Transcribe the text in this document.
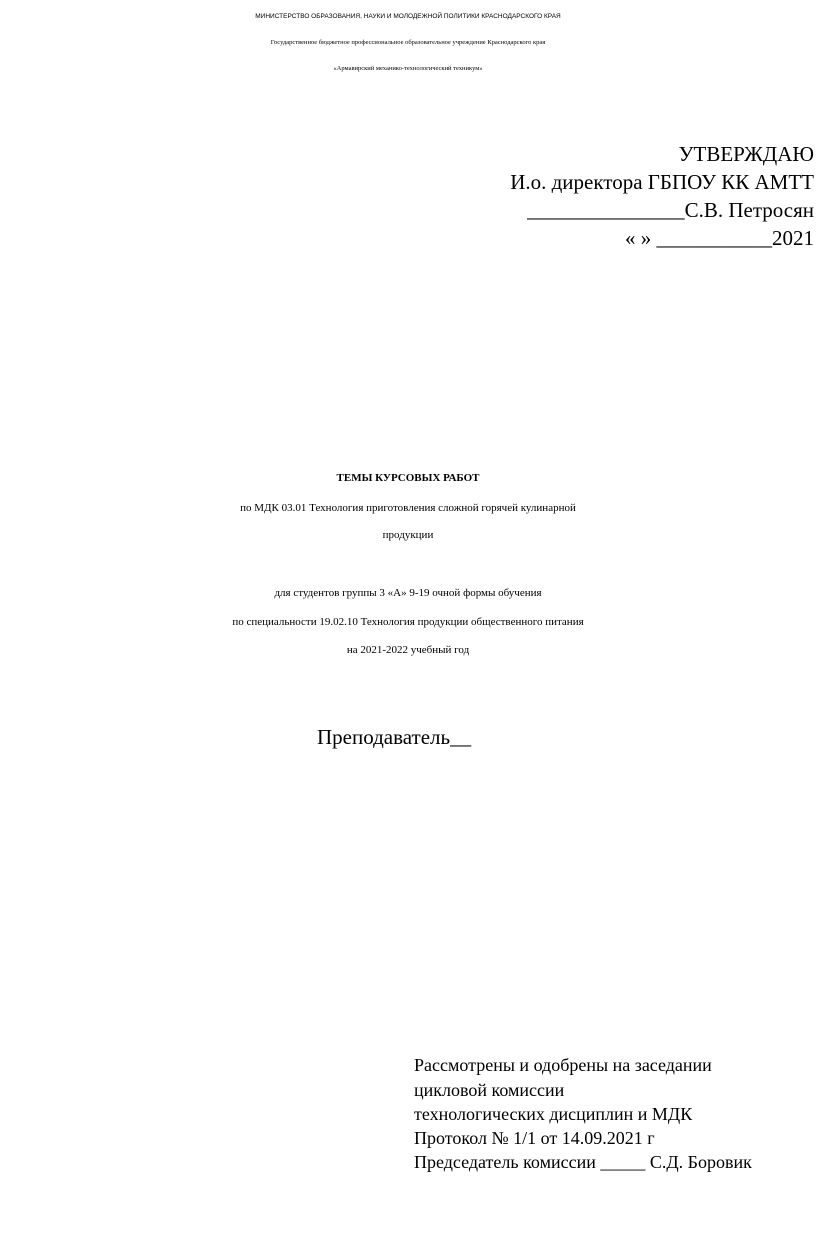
МИНИСТЕРСТВО ОБРАЗОВАНИЯ, НАУКИ И МОЛОДЕЖНОЙ ПОЛИТИКИ КРАСНОДАРСКОГО КРАЯ
Государственное бюджетное профессиональное образовательное учреждение Краснодарского края
«Армавирский механико-технологический техникум»
УТВЕРЖДАЮ
И.о. директора ГБПОУ КК АМТТ
_______________С.В. Петросян
« » ___________2021
ТЕМЫ КУРСОВЫХ РАБОТ
по МДК 03.01 Технология приготовления сложной горячей кулинарной
продукции
для студентов группы 3 «А» 9-19 очной формы обучения
по специальности 19.02.10 Технология продукции общественного питания
на 2021-2022 учебный год
Преподаватель__
Рассмотрены и одобрены на заседании
цикловой комиссии
технологических дисциплин и МДК
Протокол № 1/1 от 14.09.2021 г
Председатель комиссии _____ С.Д. Боровик
